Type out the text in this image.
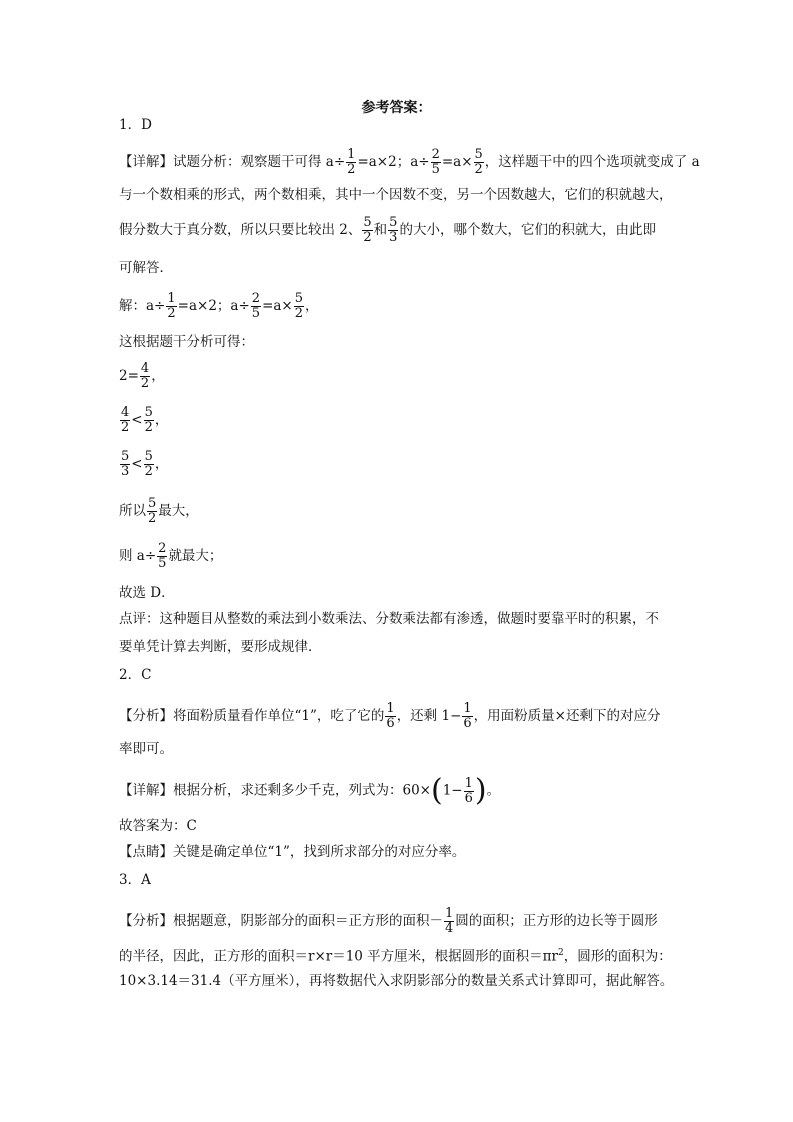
参考答案：
1．D
【详解】试题分析：观察题干可得 $a\div \frac{1}{2} =a\times 2$；$a\div \frac{2}{5} =a\times \frac{5}{2}$ ，这样题干中的四个选项就变成了 a
与一个数相乘的形式，两个数相乘，其中一个因数不变，另一个因数越大，它们的积就越大，
假分数大于真分数，所以只要比较出 2、 $\frac{5}{2}$ 和 $\frac{5}{3}$ 的大小，哪个数大，它们的积就大，由此即
可解答．
解：$a\div \frac{1}{2} =a\times 2$；$a\div \frac{2}{5} =a\times \frac{5}{2}$ ，
这根据题干分析可得：
$2= \frac{4}{2}$ ，
$\frac{4}{2} < \frac{5}{2}$ ，
$\frac{5}{3} < \frac{5}{2}$ ，
所以 $\frac{5}{2}$ 最大，
则 $a\div \frac{2}{5}$ 就最大；
故选 D．
点评：这种题目从整数的乘法到小数乘法、分数乘法都有渗透，做题时要靠平时的积累，不
要单凭计算去判断，要形成规律．
2．C
【分析】将面粉质量看作单位“1”，吃了它的 $\frac{1}{6}$ ，还剩 $1- \frac{1}{6}$ ，用面粉质量×还剩下的对应分
率即可。
【详解】根据分析，求还剩多少千克，列式为：$60\times(1- \frac{1}{6}$ )。
故答案为：C
【点睛】关键是确定单位“1”，找到所求部分的对应分率。
3．A
【分析】根据题意，阴影部分的面积＝正方形的面积－ $\frac{1}{4}$ 圆的面积；正方形的边长等于圆形
的半径，因此，正方形的面积＝r×r＝10 平方厘米，根据圆形的面积$=\pi r^2$，圆形的面积为：
10×3.14＝31.4（平方厘米），再将数据代入求阴影部分的数量关系式计算即可，据此解答。
